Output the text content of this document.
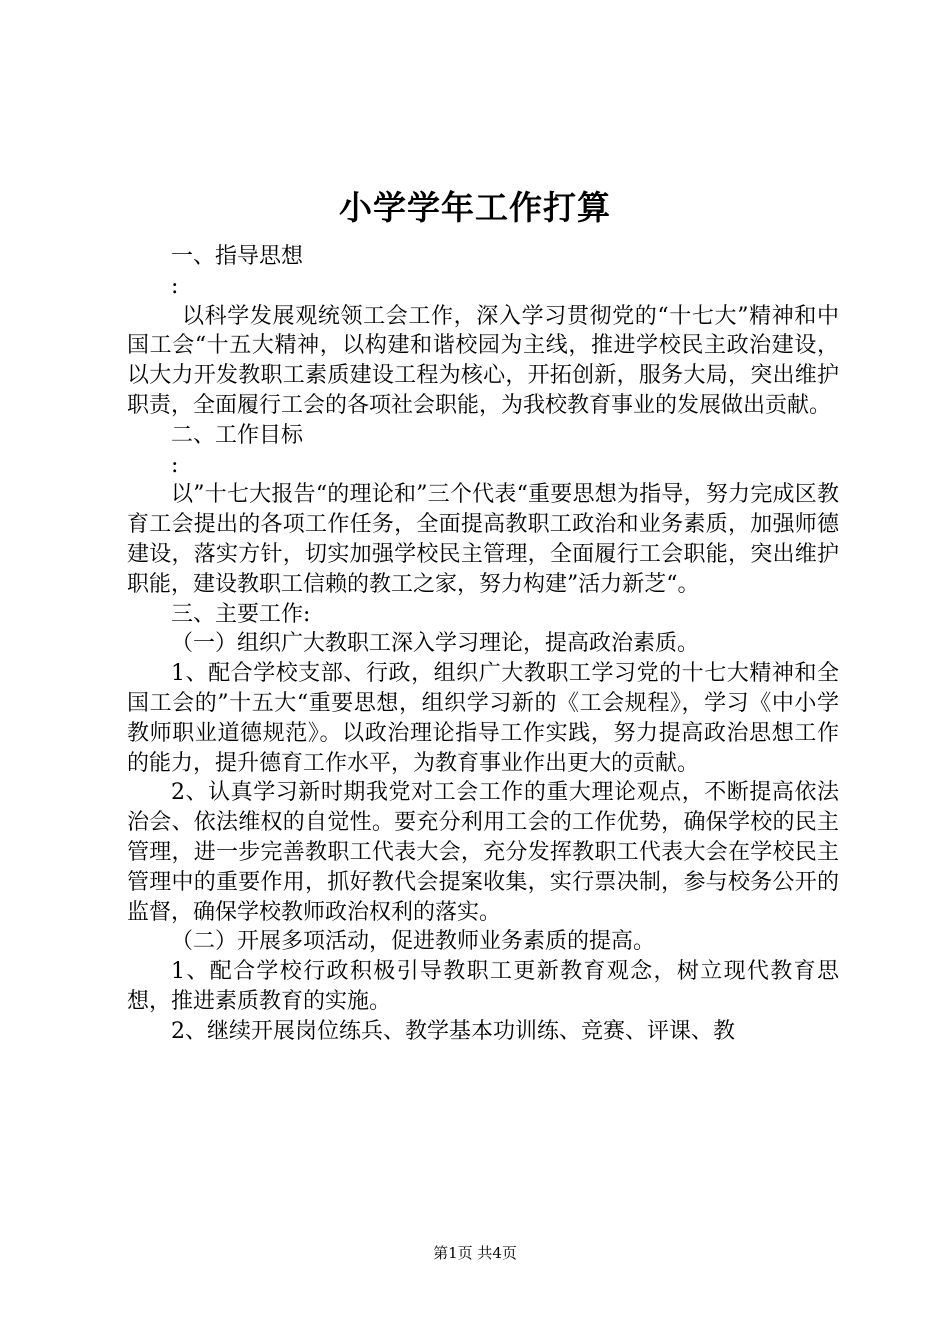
小学学年工作打算

一、指导思想

:

以科学发展观统领工会工作，深入学习贯彻党的“十七大”精神和中国工会“十五大精神，以构建和谐校园为主线，推进学校民主政治建设，以大力开发教职工素质建设工程为核心，开拓创新，服务大局，突出维护职责，全面履行工会的各项社会职能，为我校教育事业的发展做出贡献。

二、工作目标

:

以”十七大报告“的理论和”三个代表“重要思想为指导，努力完成区教育工会提出的各项工作任务，全面提高教职工政治和业务素质，加强师德建设，落实方针，切实加强学校民主管理，全面履行工会职能，突出维护职能，建设教职工信赖的教工之家，努力构建”活力新芝“。

三、主要工作:

（一）组织广大教职工深入学习理论，提高政治素质。

1、配合学校支部、行政，组织广大教职工学习党的十七大精神和全国工会的”十五大“重要思想，组织学习新的《工会规程》，学习《中小学教师职业道德规范》。以政治理论指导工作实践，努力提高政治思想工作的能力，提升德育工作水平，为教育事业作出更大的贡献。

2、认真学习新时期我党对工会工作的重大理论观点，不断提高依法治会、依法维权的自觉性。要充分利用工会的工作优势，确保学校的民主管理，进一步完善教职工代表大会，充分发挥教职工代表大会在学校民主管理中的重要作用，抓好教代会提案收集，实行票决制，参与校务公开的监督，确保学校教师政治权利的落实。

（二）开展多项活动，促进教师业务素质的提高。

1、配合学校行政积极引导教职工更新教育观念，树立现代教育思想，推进素质教育的实施。

2、继续开展岗位练兵、教学基本功训练、竞赛、评课、教

第1页 共4页
